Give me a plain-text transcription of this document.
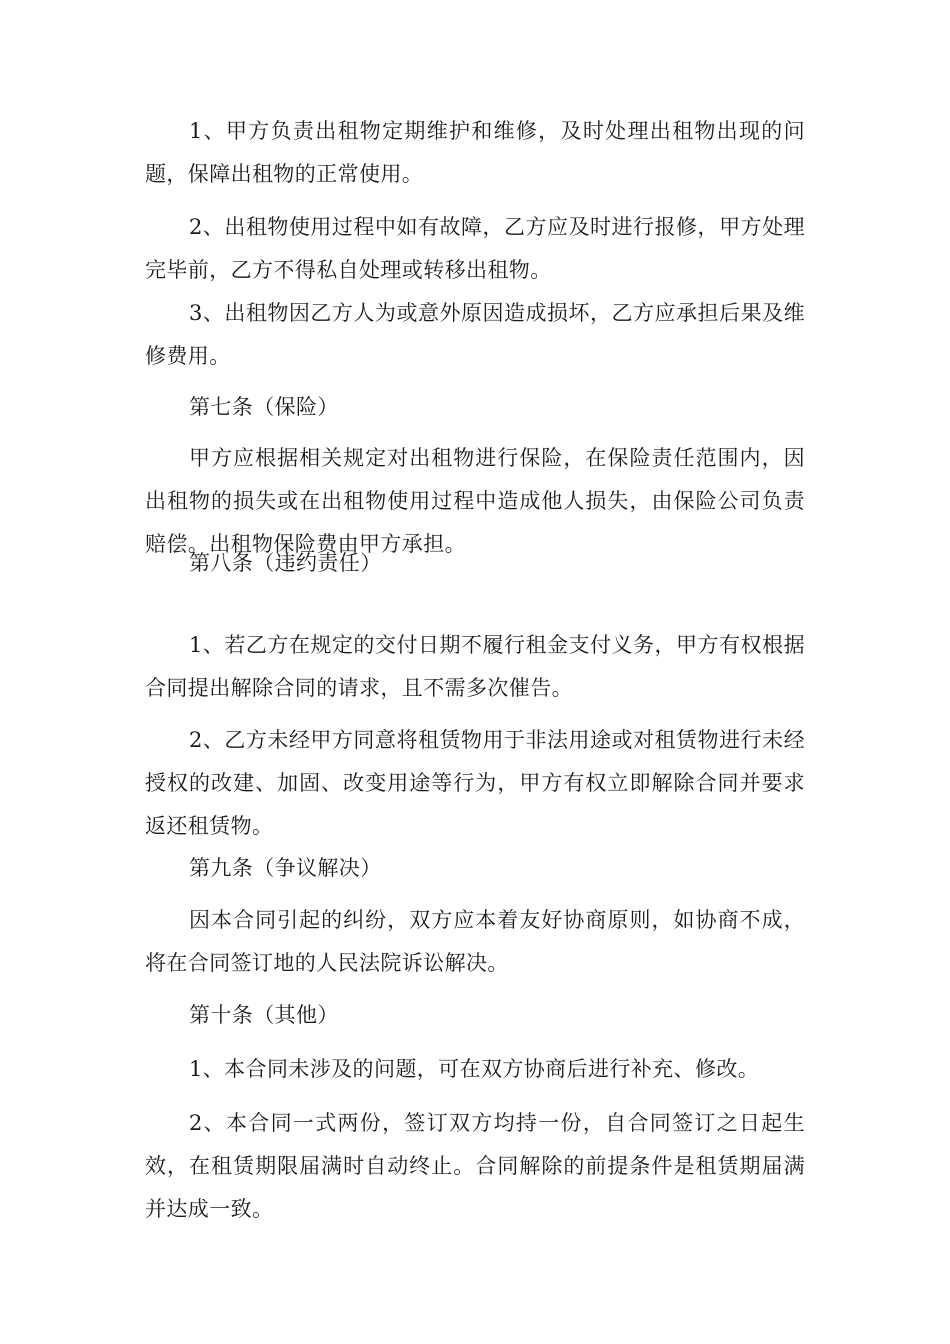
1、甲方负责出租物定期维护和维修，及时处理出租物出现的问题，保障出租物的正常使用。

2、出租物使用过程中如有故障，乙方应及时进行报修，甲方处理完毕前，乙方不得私自处理或转移出租物。

3、出租物因乙方人为或意外原因造成损坏，乙方应承担后果及维修费用。

第七条（保险）

甲方应根据相关规定对出租物进行保险，在保险责任范围内，因出租物的损失或在出租物使用过程中造成他人损失，由保险公司负责赔偿。出租物保险费由甲方承担。

第八条（违约责任）

1、若乙方在规定的交付日期不履行租金支付义务，甲方有权根据合同提出解除合同的请求，且不需多次催告。

2、乙方未经甲方同意将租赁物用于非法用途或对租赁物进行未经授权的改建、加固、改变用途等行为，甲方有权立即解除合同并要求返还租赁物。

第九条（争议解决）

因本合同引起的纠纷，双方应本着友好协商原则，如协商不成，将在合同签订地的人民法院诉讼解决。

第十条（其他）

1、本合同未涉及的问题，可在双方协商后进行补充、修改。

2、本合同一式两份，签订双方均持一份，自合同签订之日起生效，在租赁期限届满时自动终止。合同解除的前提条件是租赁期届满并达成一致。
